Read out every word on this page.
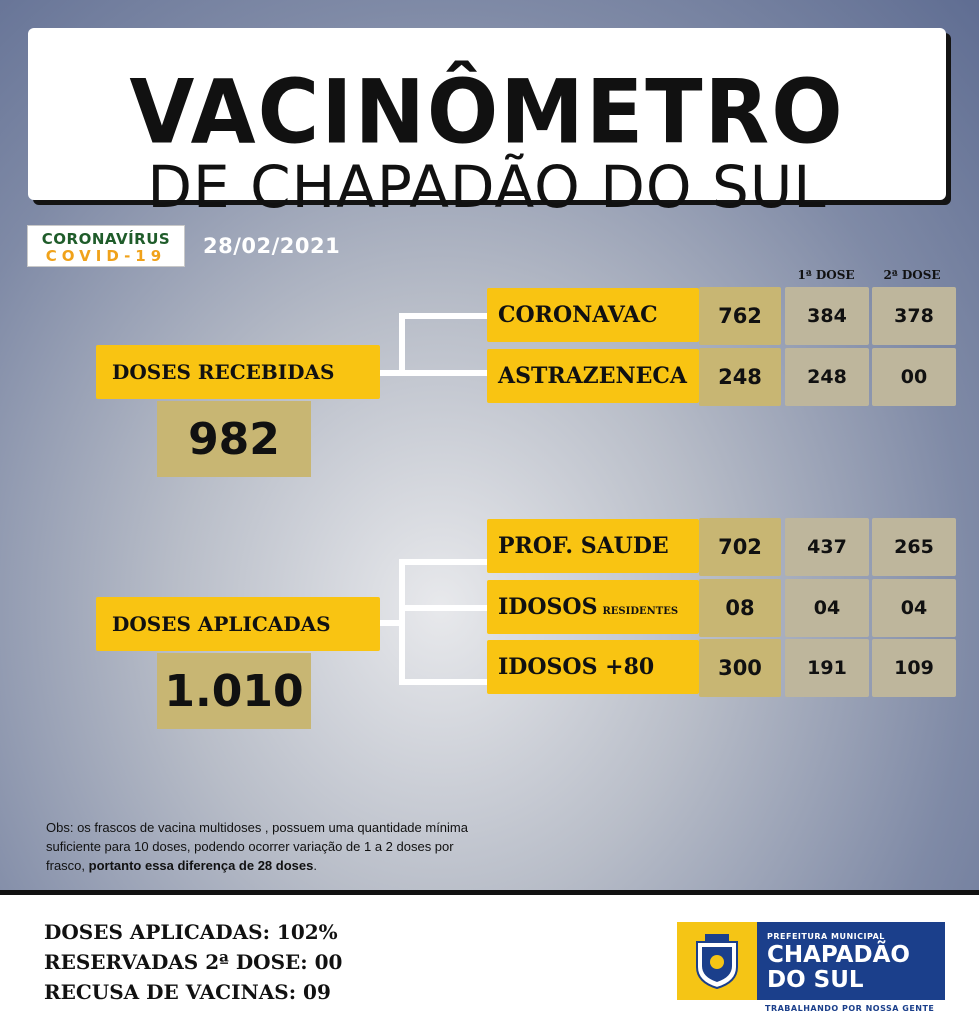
VACINÔMETRO
DE CHAPADÃO DO SUL
CORONAVÍRUS
COVID-19	28/02/2021
1ª DOSE	2ª DOSE
DOSES RECEBIDAS
982
CORONAVAC	762	384	378
ASTRAZENECA	248	248	00
DOSES APLICADAS
1.010
PROF. SAUDE	702	437	265
IDOSOS RESIDENTES	08	04	04
IDOSOS +80	300	191	109
Obs: os frascos de vacina multidoses , possuem uma quantidade mínima suficiente para 10 doses, podendo ocorrer variação de 1 a 2 doses por frasco, portanto essa diferença de 28 doses.
DOSES APLICADAS: 102%
RESERVADAS 2ª DOSE: 00
RECUSA DE VACINAS: 09
PREFEITURA MUNICIPAL
CHAPADÃO
DO SUL
TRABALHANDO POR NOSSA GENTE
